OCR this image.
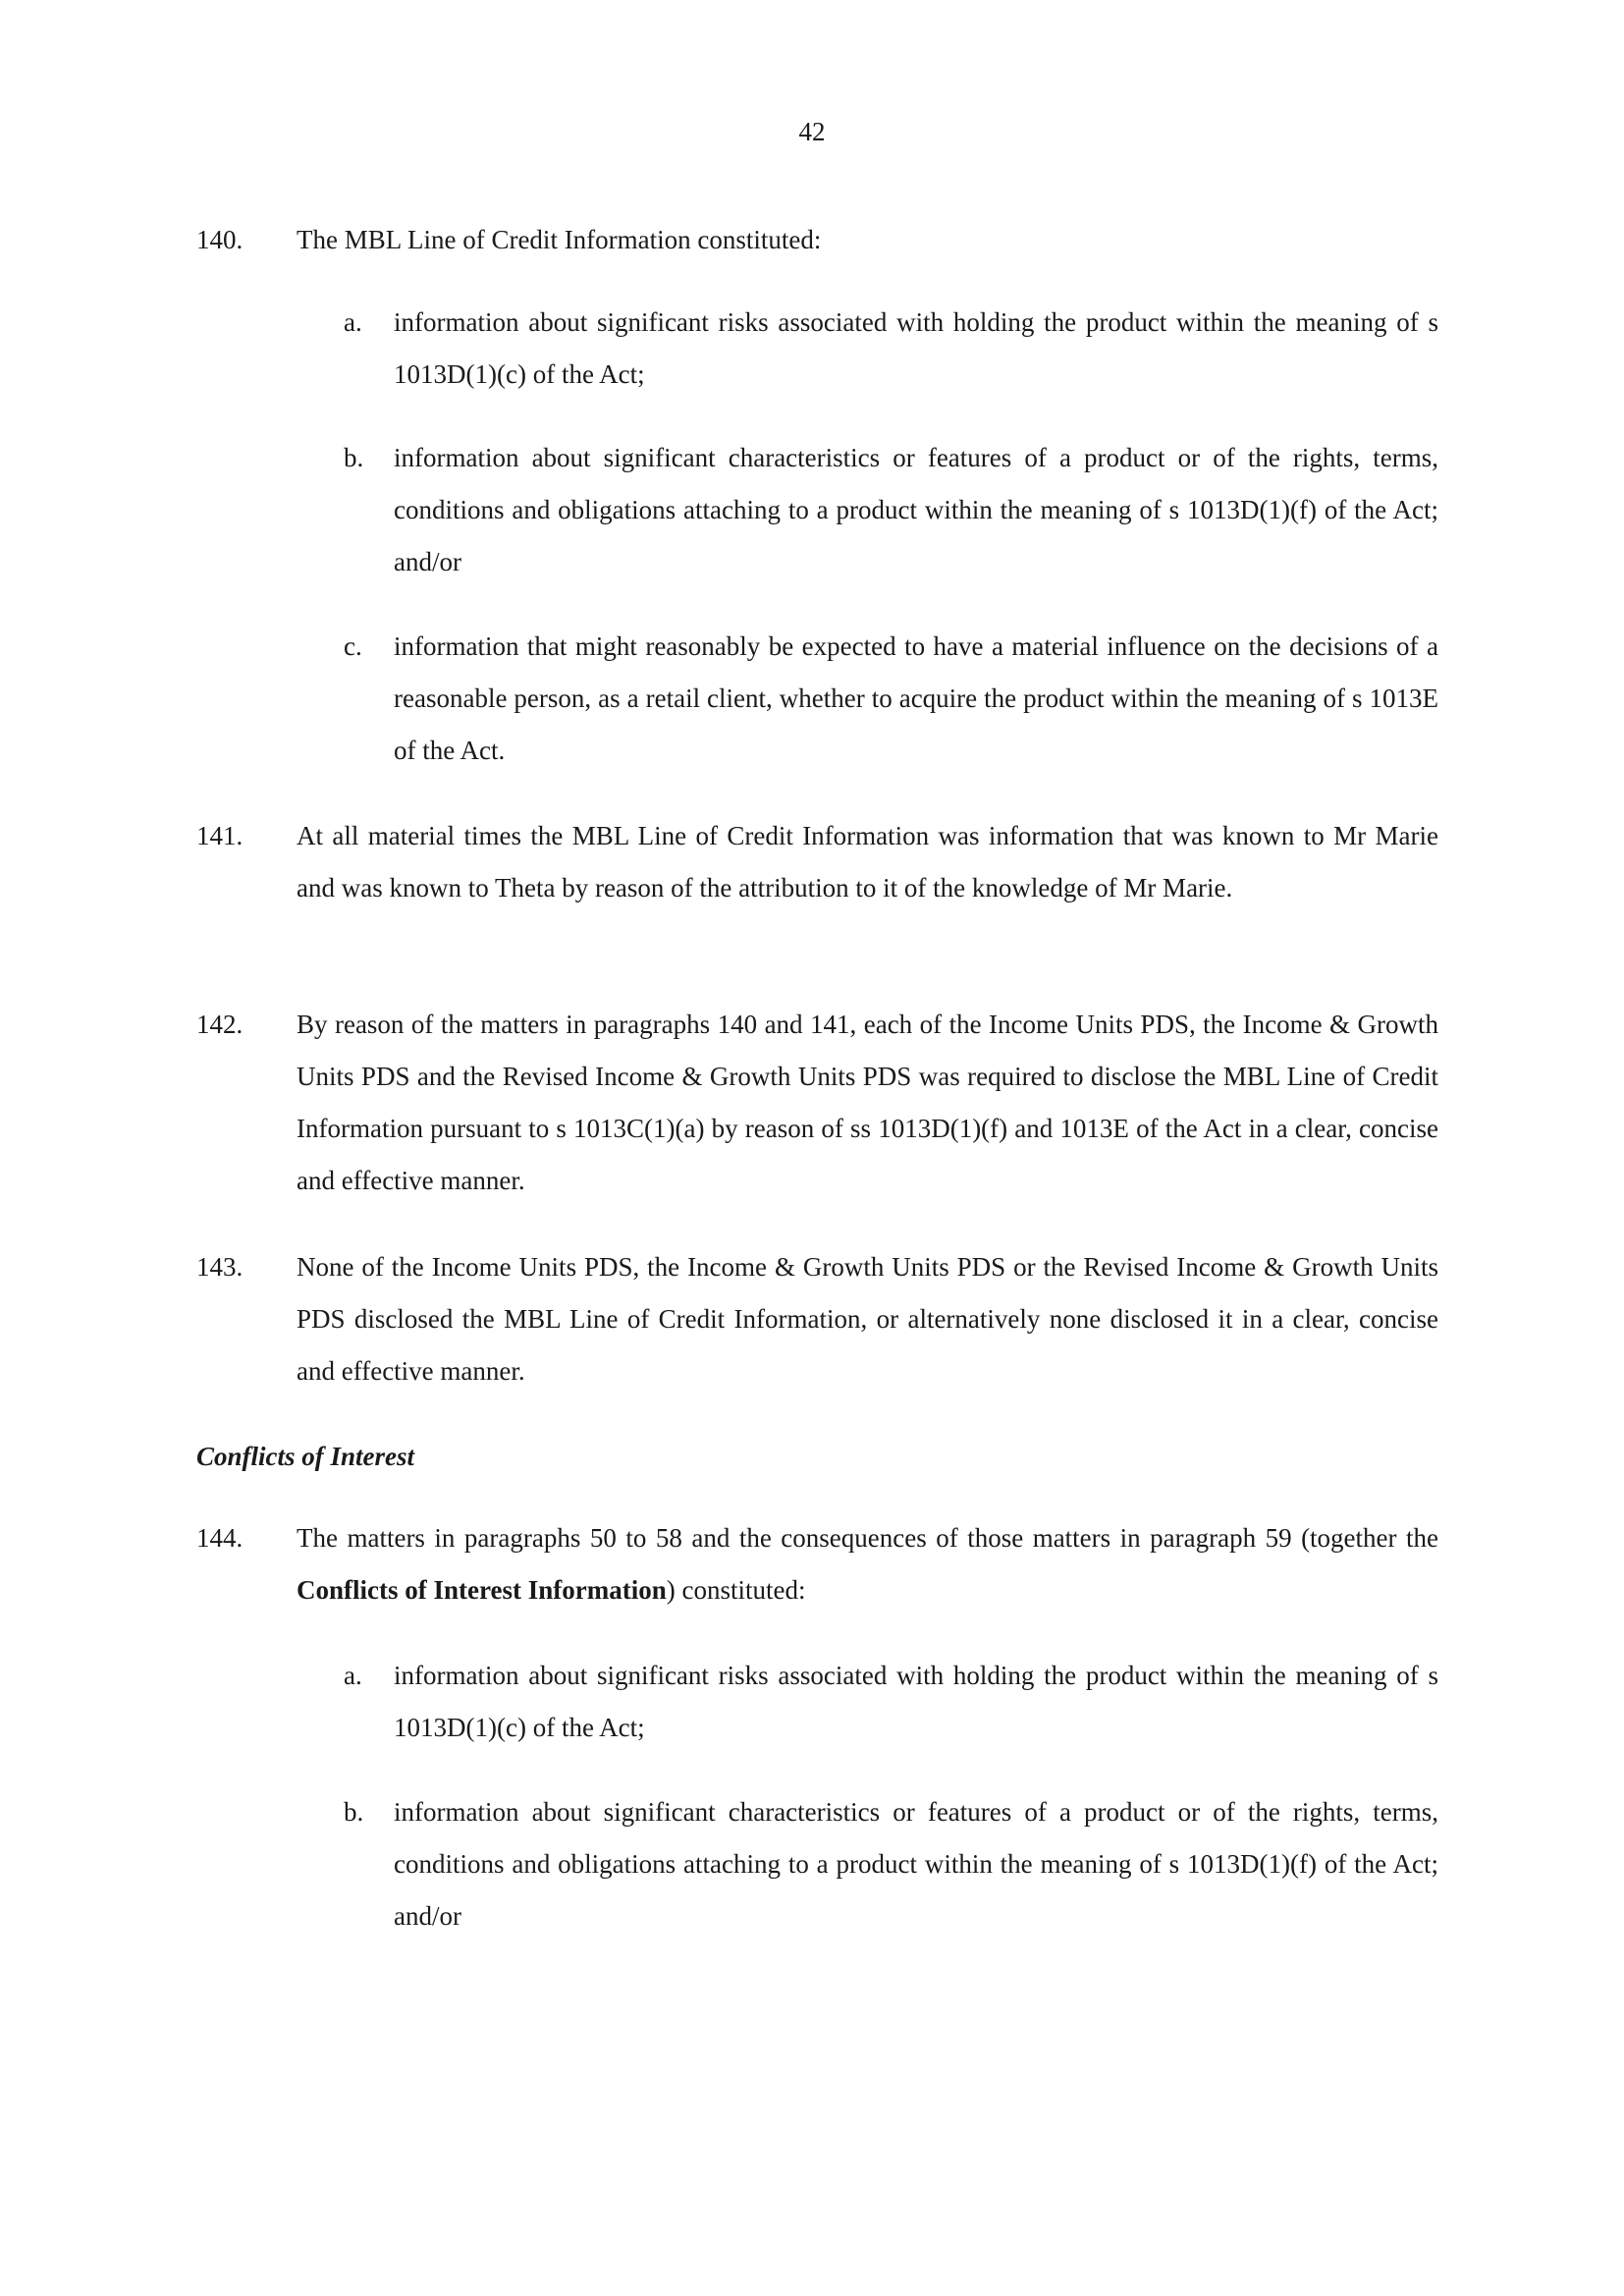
42
140. The MBL Line of Credit Information constituted:
a. information about significant risks associated with holding the product within the meaning of s 1013D(1)(c) of the Act;
b. information about significant characteristics or features of a product or of the rights, terms, conditions and obligations attaching to a product within the meaning of s 1013D(1)(f) of the Act; and/or
c. information that might reasonably be expected to have a material influence on the decisions of a reasonable person, as a retail client, whether to acquire the product within the meaning of s 1013E of the Act.
141. At all material times the MBL Line of Credit Information was information that was known to Mr Marie and was known to Theta by reason of the attribution to it of the knowledge of Mr Marie.
142. By reason of the matters in paragraphs 140 and 141, each of the Income Units PDS, the Income & Growth Units PDS and the Revised Income & Growth Units PDS was required to disclose the MBL Line of Credit Information pursuant to s 1013C(1)(a) by reason of ss 1013D(1)(f) and 1013E of the Act in a clear, concise and effective manner.
143. None of the Income Units PDS, the Income & Growth Units PDS or the Revised Income & Growth Units PDS disclosed the MBL Line of Credit Information, or alternatively none disclosed it in a clear, concise and effective manner.
Conflicts of Interest
144. The matters in paragraphs 50 to 58 and the consequences of those matters in paragraph 59 (together the Conflicts of Interest Information) constituted:
a. information about significant risks associated with holding the product within the meaning of s 1013D(1)(c) of the Act;
b. information about significant characteristics or features of a product or of the rights, terms, conditions and obligations attaching to a product within the meaning of s 1013D(1)(f) of the Act; and/or
